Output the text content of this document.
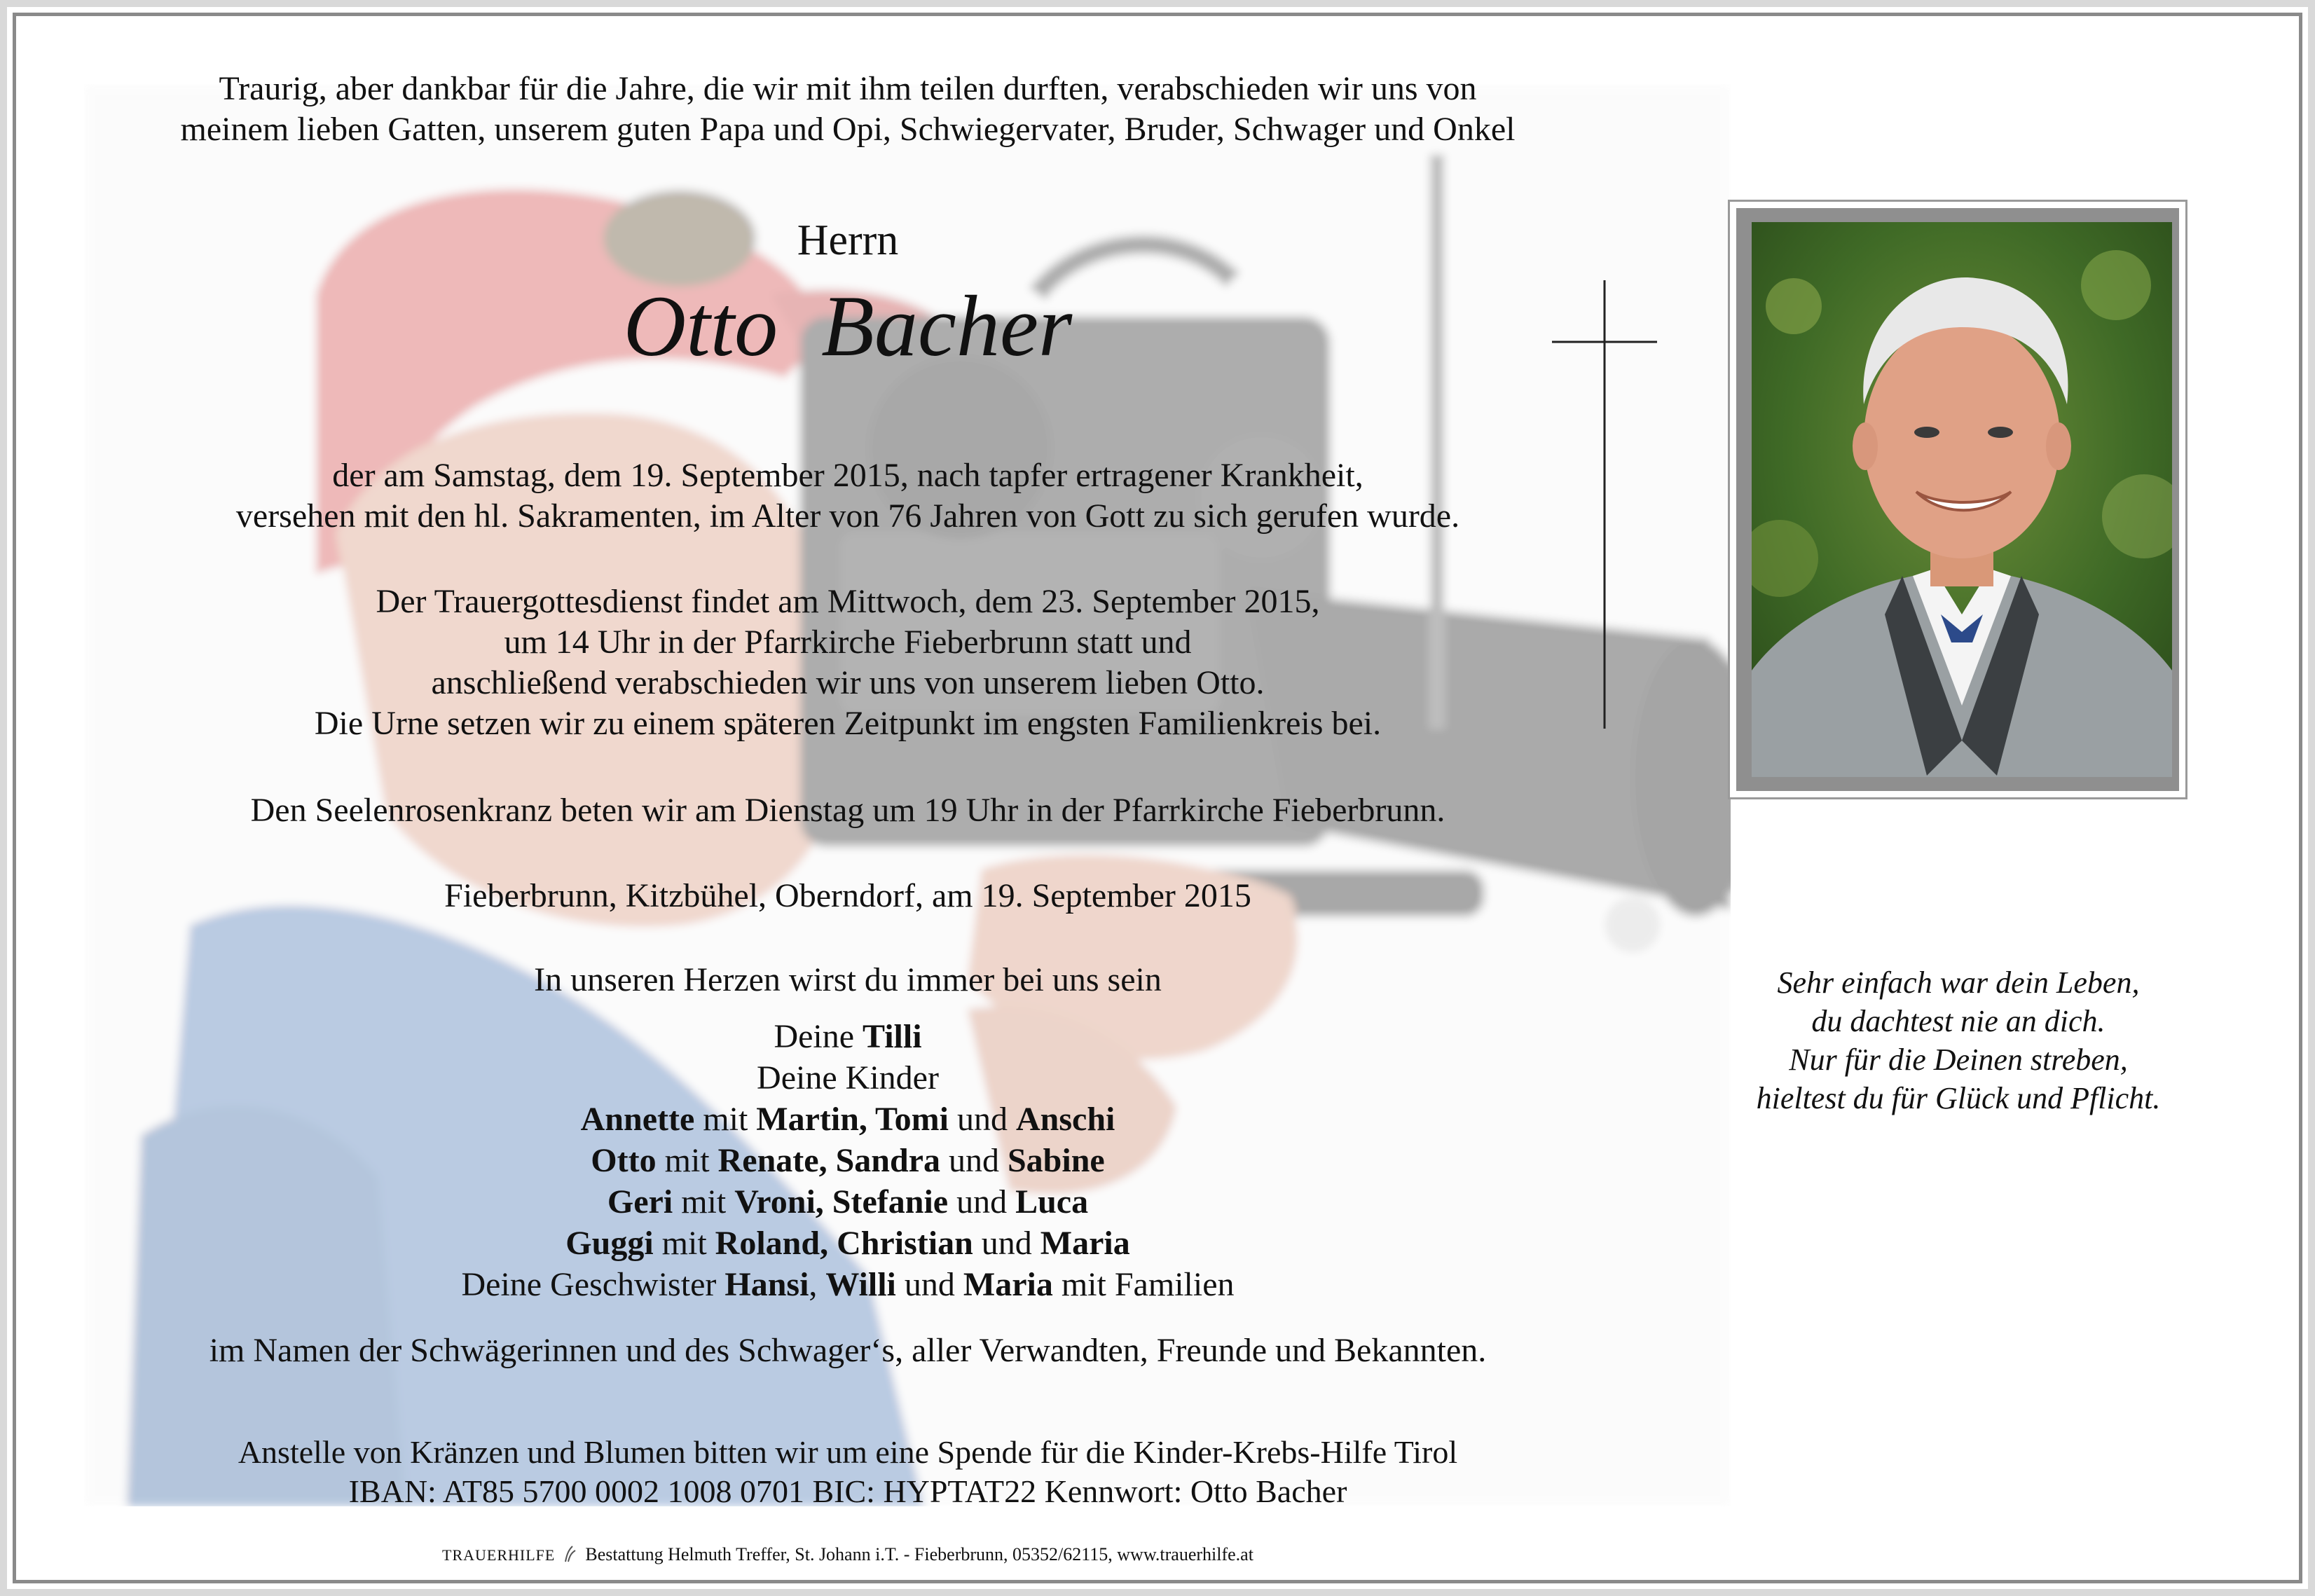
Traurig, aber dankbar für die Jahre, die wir mit ihm teilen durften, verabschieden wir uns von
meinem lieben Gatten, unserem guten Papa und Opi, Schwiegervater, Bruder, Schwager und Onkel
Herrn
Otto  Bacher
der am Samstag, dem 19. September 2015, nach tapfer ertragener Krankheit,
versehen mit den hl. Sakramenten, im Alter von 76 Jahren von Gott zu sich gerufen wurde.
Der Trauergottesdienst findet am Mittwoch, dem 23. September 2015,
um 14 Uhr in der Pfarrkirche Fieberbrunn statt und
anschließend verabschieden wir uns von unserem lieben Otto.
Die Urne setzen wir zu einem späteren Zeitpunkt im engsten Familienkreis bei.
Den Seelenrosenkranz beten wir am Dienstag um 19 Uhr in der Pfarrkirche Fieberbrunn.
Fieberbrunn, Kitzbühel, Oberndorf, am 19. September 2015
In unseren Herzen wirst du immer bei uns sein
Deine Tilli
Deine Kinder
Annette mit Martin, Tomi und Anschi
Otto mit Renate, Sandra und Sabine
Geri mit Vroni, Stefanie und Luca
Guggi mit Roland, Christian und Maria
Deine Geschwister Hansi, Willi und Maria mit Familien
im Namen der Schwägerinnen und des Schwager‘s, aller Verwandten, Freunde und Bekannten.
Anstelle von Kränzen und Blumen bitten wir um eine Spende für die Kinder-Krebs-Hilfe Tirol
IBAN: AT85 5700 0002 1008 0701 BIC: HYPTAT22 Kennwort: Otto Bacher
TRAUERHILFE Bestattung Helmuth Treffer, St. Johann i.T. - Fieberbrunn, 05352/62115, www.trauerhilfe.at
Sehr einfach war dein Leben,
du dachtest nie an dich.
Nur für die Deinen streben,
hieltest du für Glück und Pflicht.
